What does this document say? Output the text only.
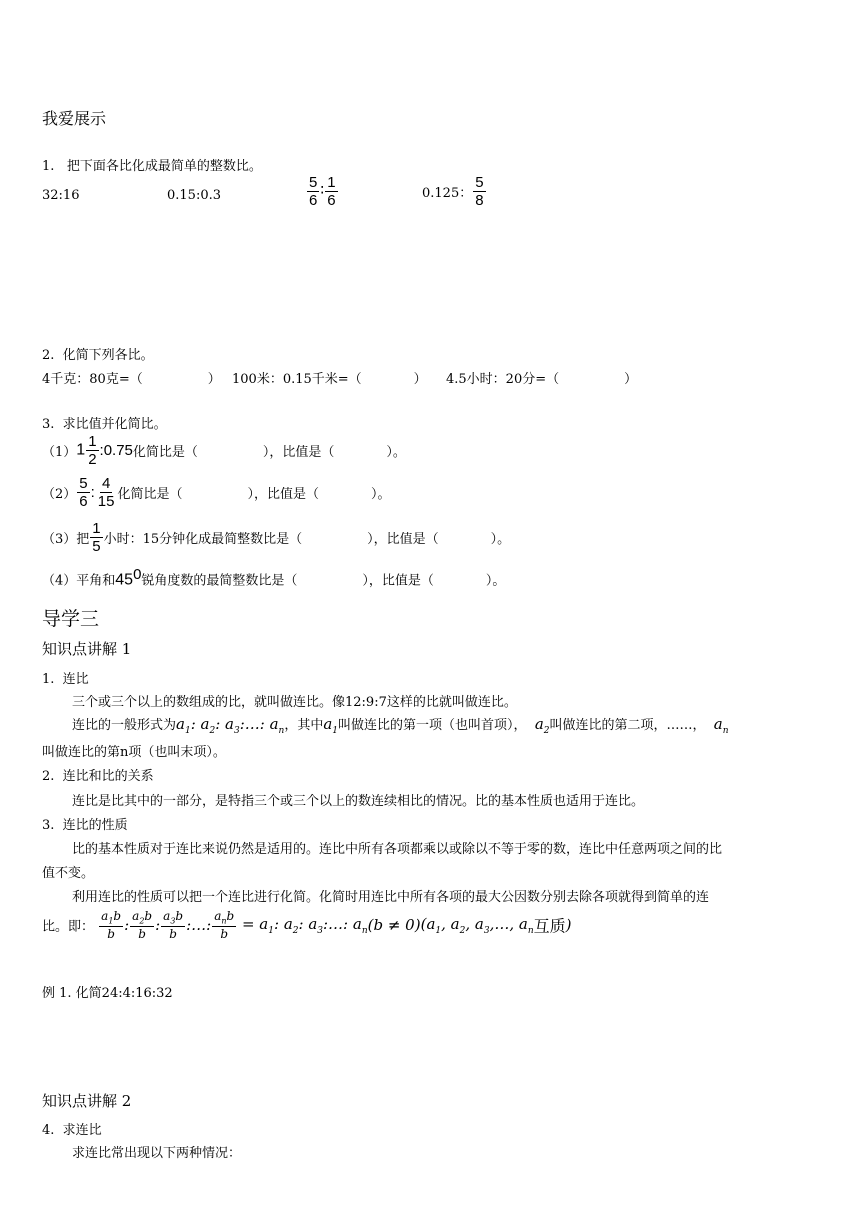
我爱展示
1. 把下面各比化成最简单的整数比。
32:16	0.15:0.3	$\frac{5}{6}$ ∶ $\frac{1}{6}$	0.125： $\frac{5}{8}$
2. 化简下列各比。
4千克：80克=（　　　　　） 100米：0.15千米=（　　　　） 4.5小时：20分=（　　　　　）
3. 求比值并化简比。
$(1)1 \frac{1}{2}$ :0.75化简比是（　　　　　），比值是（　　　　）。
$(2) \frac{5}{6}$ : $\frac{4}{15}$ 化简比是（　　　　　），比值是（　　　　）。
（3）把 $\frac{1}{5}$ 小时：15分钟化成最简整数比是（　　　　　），比值是（　　　　）。
（4）平角和$45^0$锐角度数的最简整数比是（　　　　　），比值是（　　　　）。
导学三
知识点讲解 1
1. 连比
三个或三个以上的数组成的比，就叫做连比。像12:9:7这样的比就叫做连比。
连比的一般形式为$a_1$: $a_2$: $a_3:\dots$: $a_n$，其中$a_1$叫做连比的第一项（也叫首项）， $a_2$叫做连比的第二项，……， $a_n$
叫做连比的第n项（也叫末项）。
2. 连比和比的关系
连比是比其中的一部分，是特指三个或三个以上的数连续相比的情况。比的基本性质也适用于连比。
3. 连比的性质
比的基本性质对于连比来说仍然是适用的。连比中所有各项都乘以或除以不等于零的数，连比中任意两项之间的比
值不变。
利用连比的性质可以把一个连比进行化简。化简时用连比中所有各项的最大公因数分别去除各项就得到简单的连
比。即： $\frac{a_1b}{b}$ : $\frac{a_2b}{b}$ : $\frac{a_3b}{b}$ :…: $\frac{a_nb}{b} = a_1$: $a_2$: $a_3:\dots$: $a_n(b \ne 0)(a_1$, $a_2$, $a_3,\dots$, $a_n$互质)
例 1. 化简24:4:16:32
知识点讲解 2
4. 求连比
求连比常出现以下两种情况：
